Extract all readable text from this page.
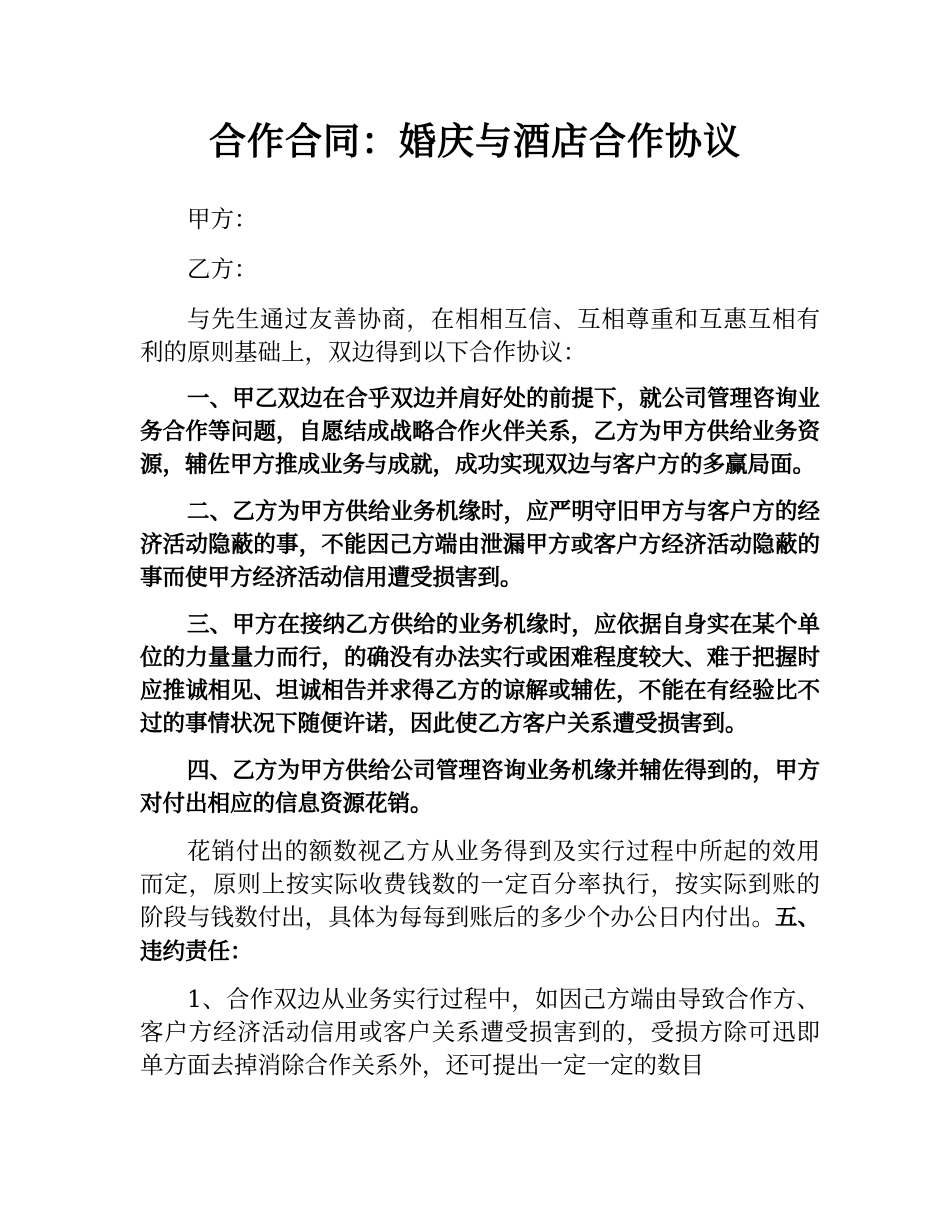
合作合同：婚庆与酒店合作协议

甲方：

乙方：

与先生通过友善协商，在相相互信、互相尊重和互惠互相有利的原则基础上，双边得到以下合作协议：

一、甲乙双边在合乎双边并肩好处的前提下，就公司管理咨询业务合作等问题，自愿结成战略合作火伴关系，乙方为甲方供给业务资源，辅佐甲方推成业务与成就，成功实现双边与客户方的多赢局面。

二、乙方为甲方供给业务机缘时，应严明守旧甲方与客户方的经济活动隐蔽的事，不能因己方端由泄漏甲方或客户方经济活动隐蔽的事而使甲方经济活动信用遭受损害到。

三、甲方在接纳乙方供给的业务机缘时，应依据自身实在某个单位的力量量力而行，的确没有办法实行或困难程度较大、难于把握时应推诚相见、坦诚相告并求得乙方的谅解或辅佐，不能在有经验比不过的事情状况下随便许诺，因此使乙方客户关系遭受损害到。

四、乙方为甲方供给公司管理咨询业务机缘并辅佐得到的，甲方对付出相应的信息资源花销。

花销付出的额数视乙方从业务得到及实行过程中所起的效用而定，原则上按实际收费钱数的一定百分率执行，按实际到账的阶段与钱数付出，具体为每每到账后的多少个办公日内付出。五、违约责任：

1、合作双边从业务实行过程中，如因己方端由导致合作方、客户方经济活动信用或客户关系遭受损害到的，受损方除可迅即单方面去掉消除合作关系外，还可提出一定一定的数目
